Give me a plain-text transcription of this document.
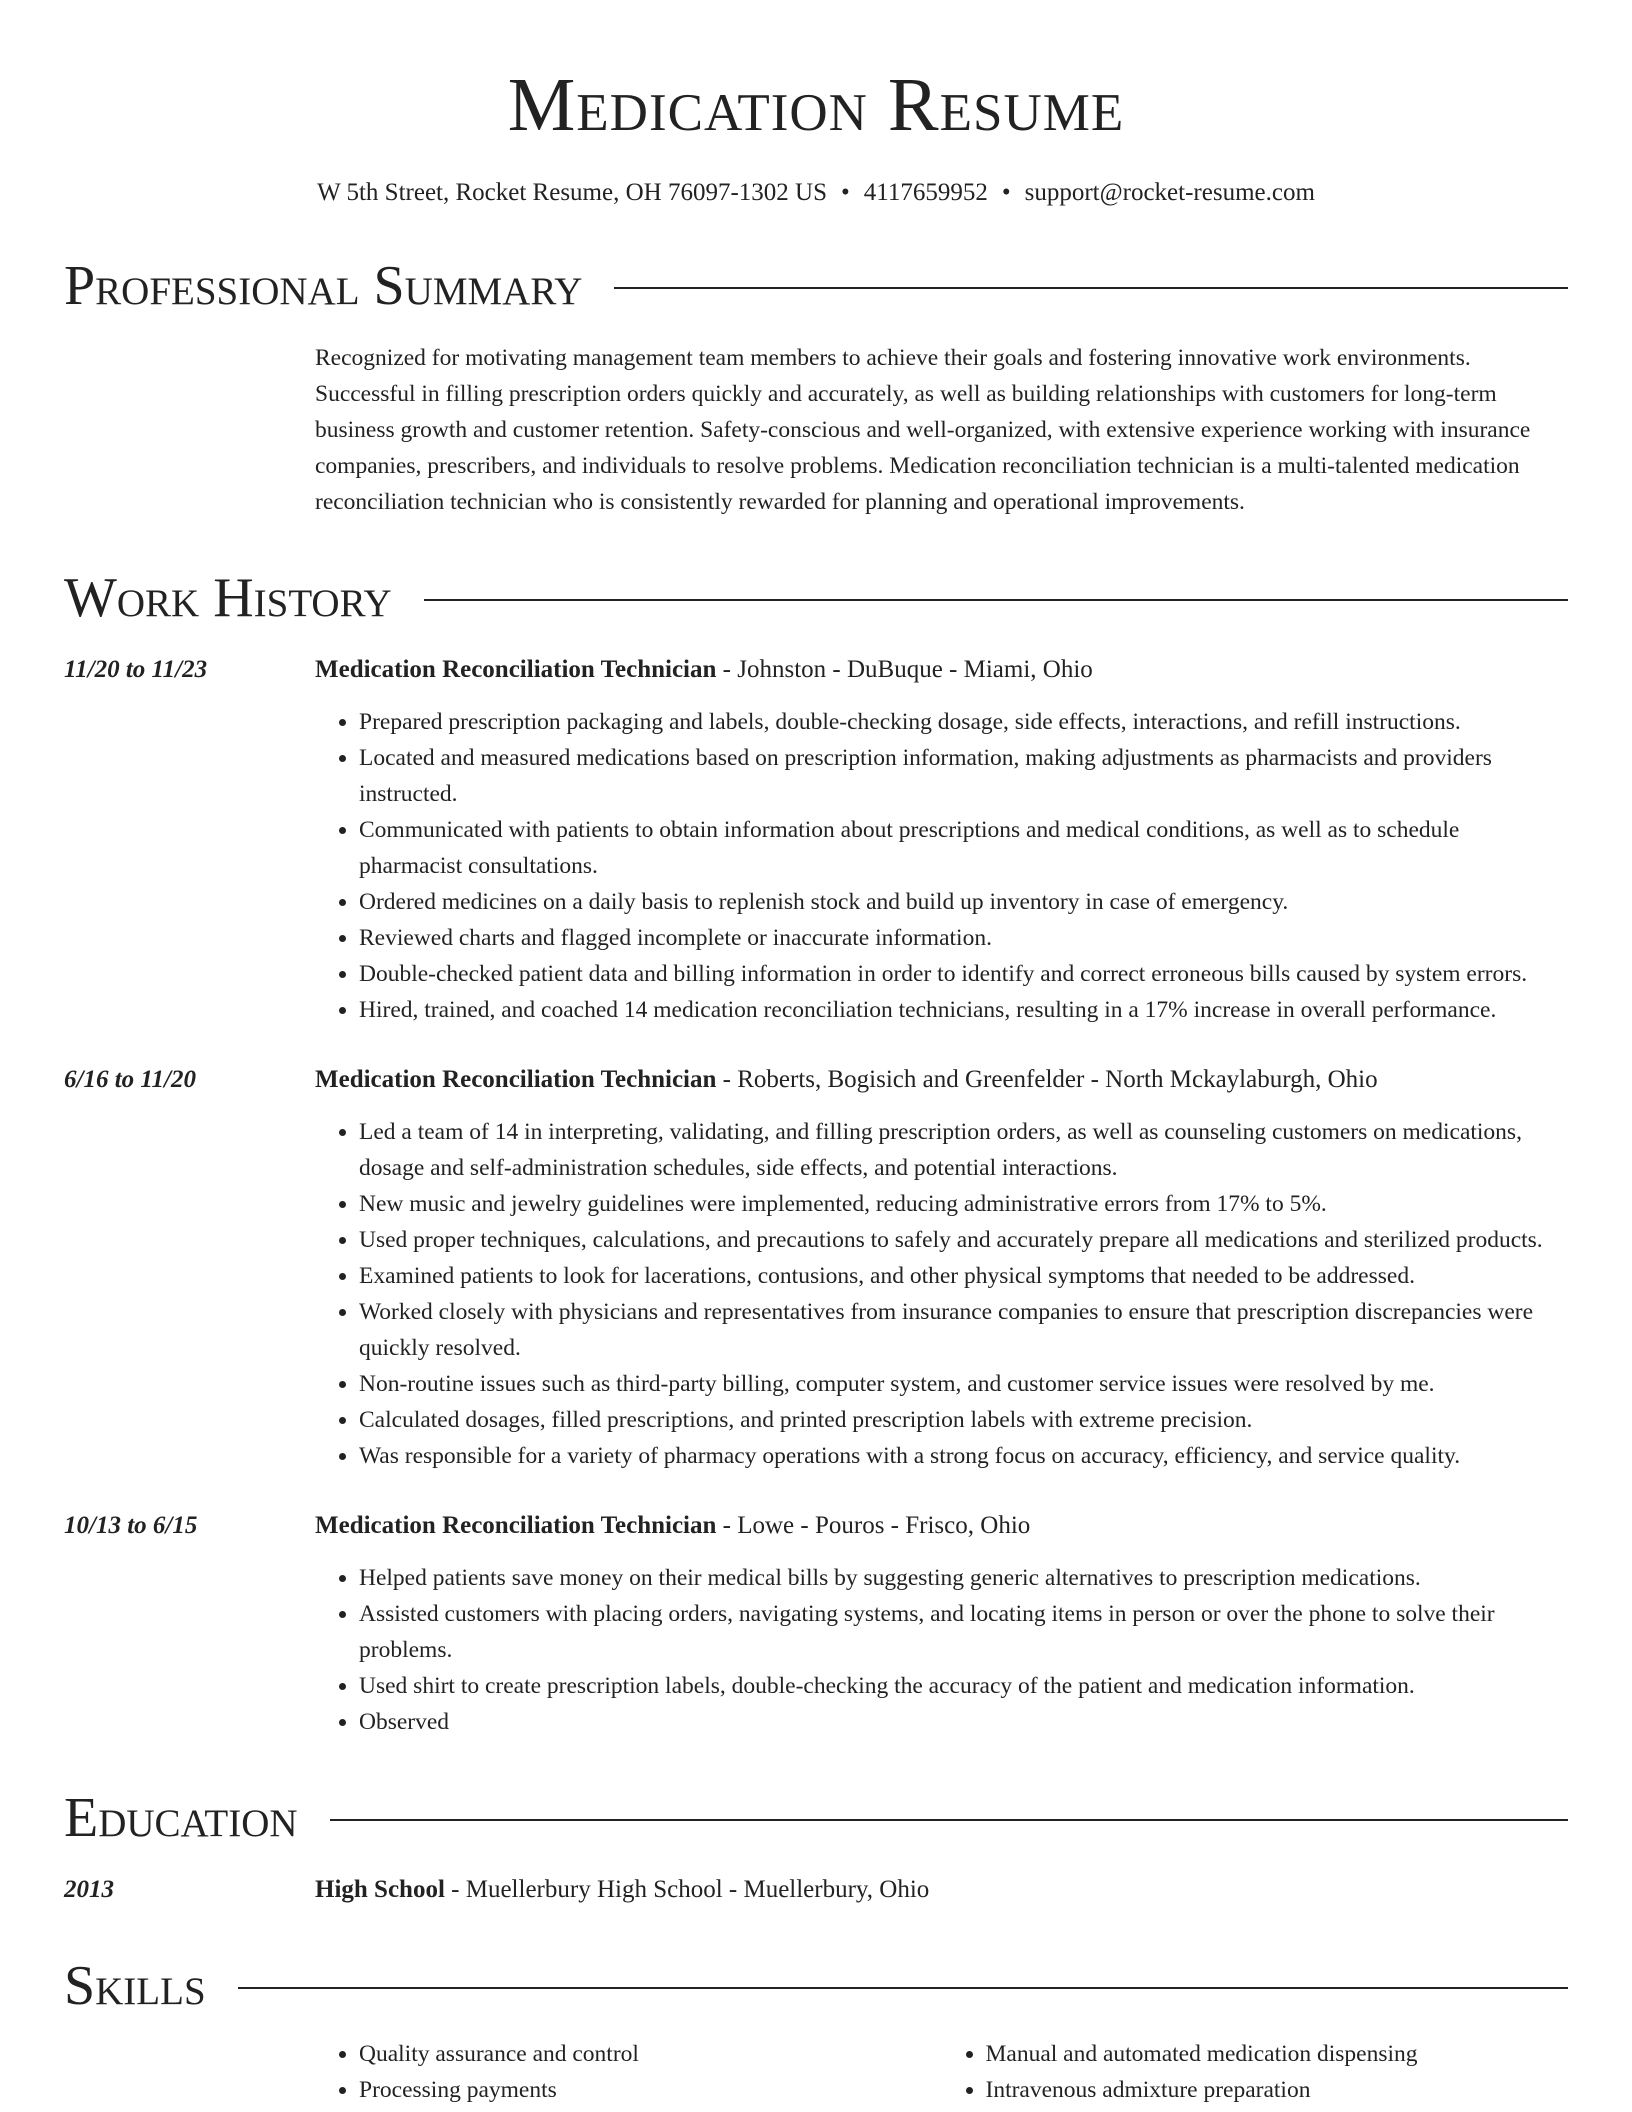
Medication Resume
W 5th Street, Rocket Resume, OH 76097-1302 US • 4117659952 • support@rocket-resume.com
Professional Summary
Recognized for motivating management team members to achieve their goals and fostering innovative work environments. Successful in filling prescription orders quickly and accurately, as well as building relationships with customers for long-term business growth and customer retention. Safety-conscious and well-organized, with extensive experience working with insurance companies, prescribers, and individuals to resolve problems. Medication reconciliation technician is a multi-talented medication reconciliation technician who is consistently rewarded for planning and operational improvements.
Work History
11/20 to 11/23	Medication Reconciliation Technician - Johnston - DuBuque - Miami, Ohio
• Prepared prescription packaging and labels, double-checking dosage, side effects, interactions, and refill instructions.
• Located and measured medications based on prescription information, making adjustments as pharmacists and providers instructed.
• Communicated with patients to obtain information about prescriptions and medical conditions, as well as to schedule pharmacist consultations.
• Ordered medicines on a daily basis to replenish stock and build up inventory in case of emergency.
• Reviewed charts and flagged incomplete or inaccurate information.
• Double-checked patient data and billing information in order to identify and correct erroneous bills caused by system errors.
• Hired, trained, and coached 14 medication reconciliation technicians, resulting in a 17% increase in overall performance.
6/16 to 11/20	Medication Reconciliation Technician - Roberts, Bogisich and Greenfelder - North Mckaylaburgh, Ohio
• Led a team of 14 in interpreting, validating, and filling prescription orders, as well as counseling customers on medications, dosage and self-administration schedules, side effects, and potential interactions.
• New music and jewelry guidelines were implemented, reducing administrative errors from 17% to 5%.
• Used proper techniques, calculations, and precautions to safely and accurately prepare all medications and sterilized products.
• Examined patients to look for lacerations, contusions, and other physical symptoms that needed to be addressed.
• Worked closely with physicians and representatives from insurance companies to ensure that prescription discrepancies were quickly resolved.
• Non-routine issues such as third-party billing, computer system, and customer service issues were resolved by me.
• Calculated dosages, filled prescriptions, and printed prescription labels with extreme precision.
• Was responsible for a variety of pharmacy operations with a strong focus on accuracy, efficiency, and service quality.
10/13 to 6/15	Medication Reconciliation Technician - Lowe - Pouros - Frisco, Ohio
• Helped patients save money on their medical bills by suggesting generic alternatives to prescription medications.
• Assisted customers with placing orders, navigating systems, and locating items in person or over the phone to solve their problems.
• Used shirt to create prescription labels, double-checking the accuracy of the patient and medication information.
• Observed
Education
2013	High School - Muellerbury High School - Muellerbury, Ohio
Skills
• Quality assurance and control
• Processing payments
• Manual and automated medication dispensing
• Intravenous admixture preparation
